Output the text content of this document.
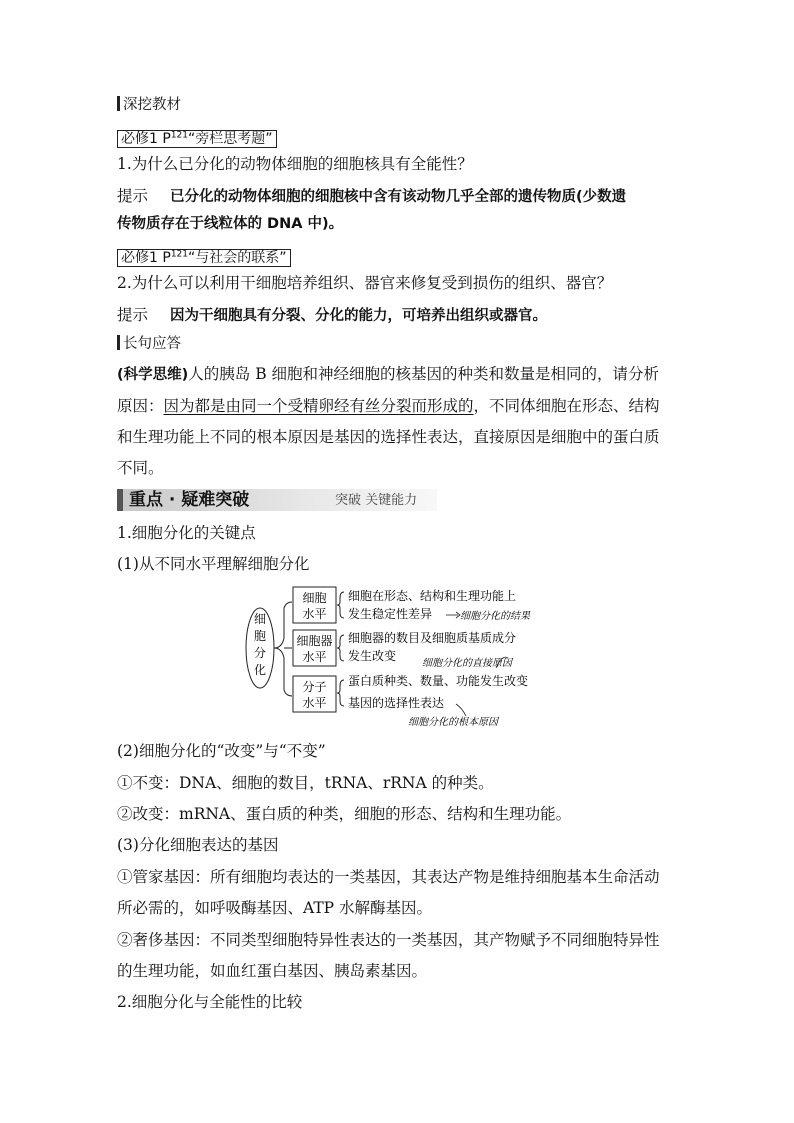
深挖教材
必修1 $P^{121}“$旁栏思考题”
1.为什么已分化的动物体细胞的细胞核具有全能性？
提示 已分化的动物体细胞的细胞核中含有该动物几乎全部的遗传物质(少数遗
传物质存在于线粒体的 DNA 中)。
必修1 $P^{121}“$与社会的联系”
2.为什么可以利用干细胞培养组织、器官来修复受到损伤的组织、器官？
提示 因为干细胞具有分裂、分化的能力，可培养出组织或器官。
长句应答
(科学思维)人的胰岛 B 细胞和神经细胞的核基因的种类和数量是相同的，请分析
原因：因为都是由同一个受精卵经有丝分裂而形成的，不同体细胞在形态、结构
和生理功能上不同的根本原因是基因的选择性表达，直接原因是细胞中的蛋白质
不同。
重点 · 疑难突破	突破 关键能力
1.细胞分化的关键点
(1)从不同水平理解细胞分化
细
胞
分
化
细胞
水平
细胞器
水平
分子
水平
细胞在形态、结构和生理功能上
发生稳定性差异	细胞分化的结果
细胞器的数目及细胞质基质成分
发生改变
细胞分化的直接原因
蛋白质种类、数量、功能发生改变
基因的选择性表达
细胞分化的根本原因
(2)细胞分化的“改变”与“不变”
①不变：DNA、细胞的数目，tRNA、rRNA 的种类。
②改变：mRNA、蛋白质的种类，细胞的形态、结构和生理功能。
(3)分化细胞表达的基因
①管家基因：所有细胞均表达的一类基因，其表达产物是维持细胞基本生命活动
所必需的，如呼吸酶基因、ATP 水解酶基因。
②奢侈基因：不同类型细胞特异性表达的一类基因，其产物赋予不同细胞特异性
的生理功能，如血红蛋白基因、胰岛素基因。
2.细胞分化与全能性的比较
